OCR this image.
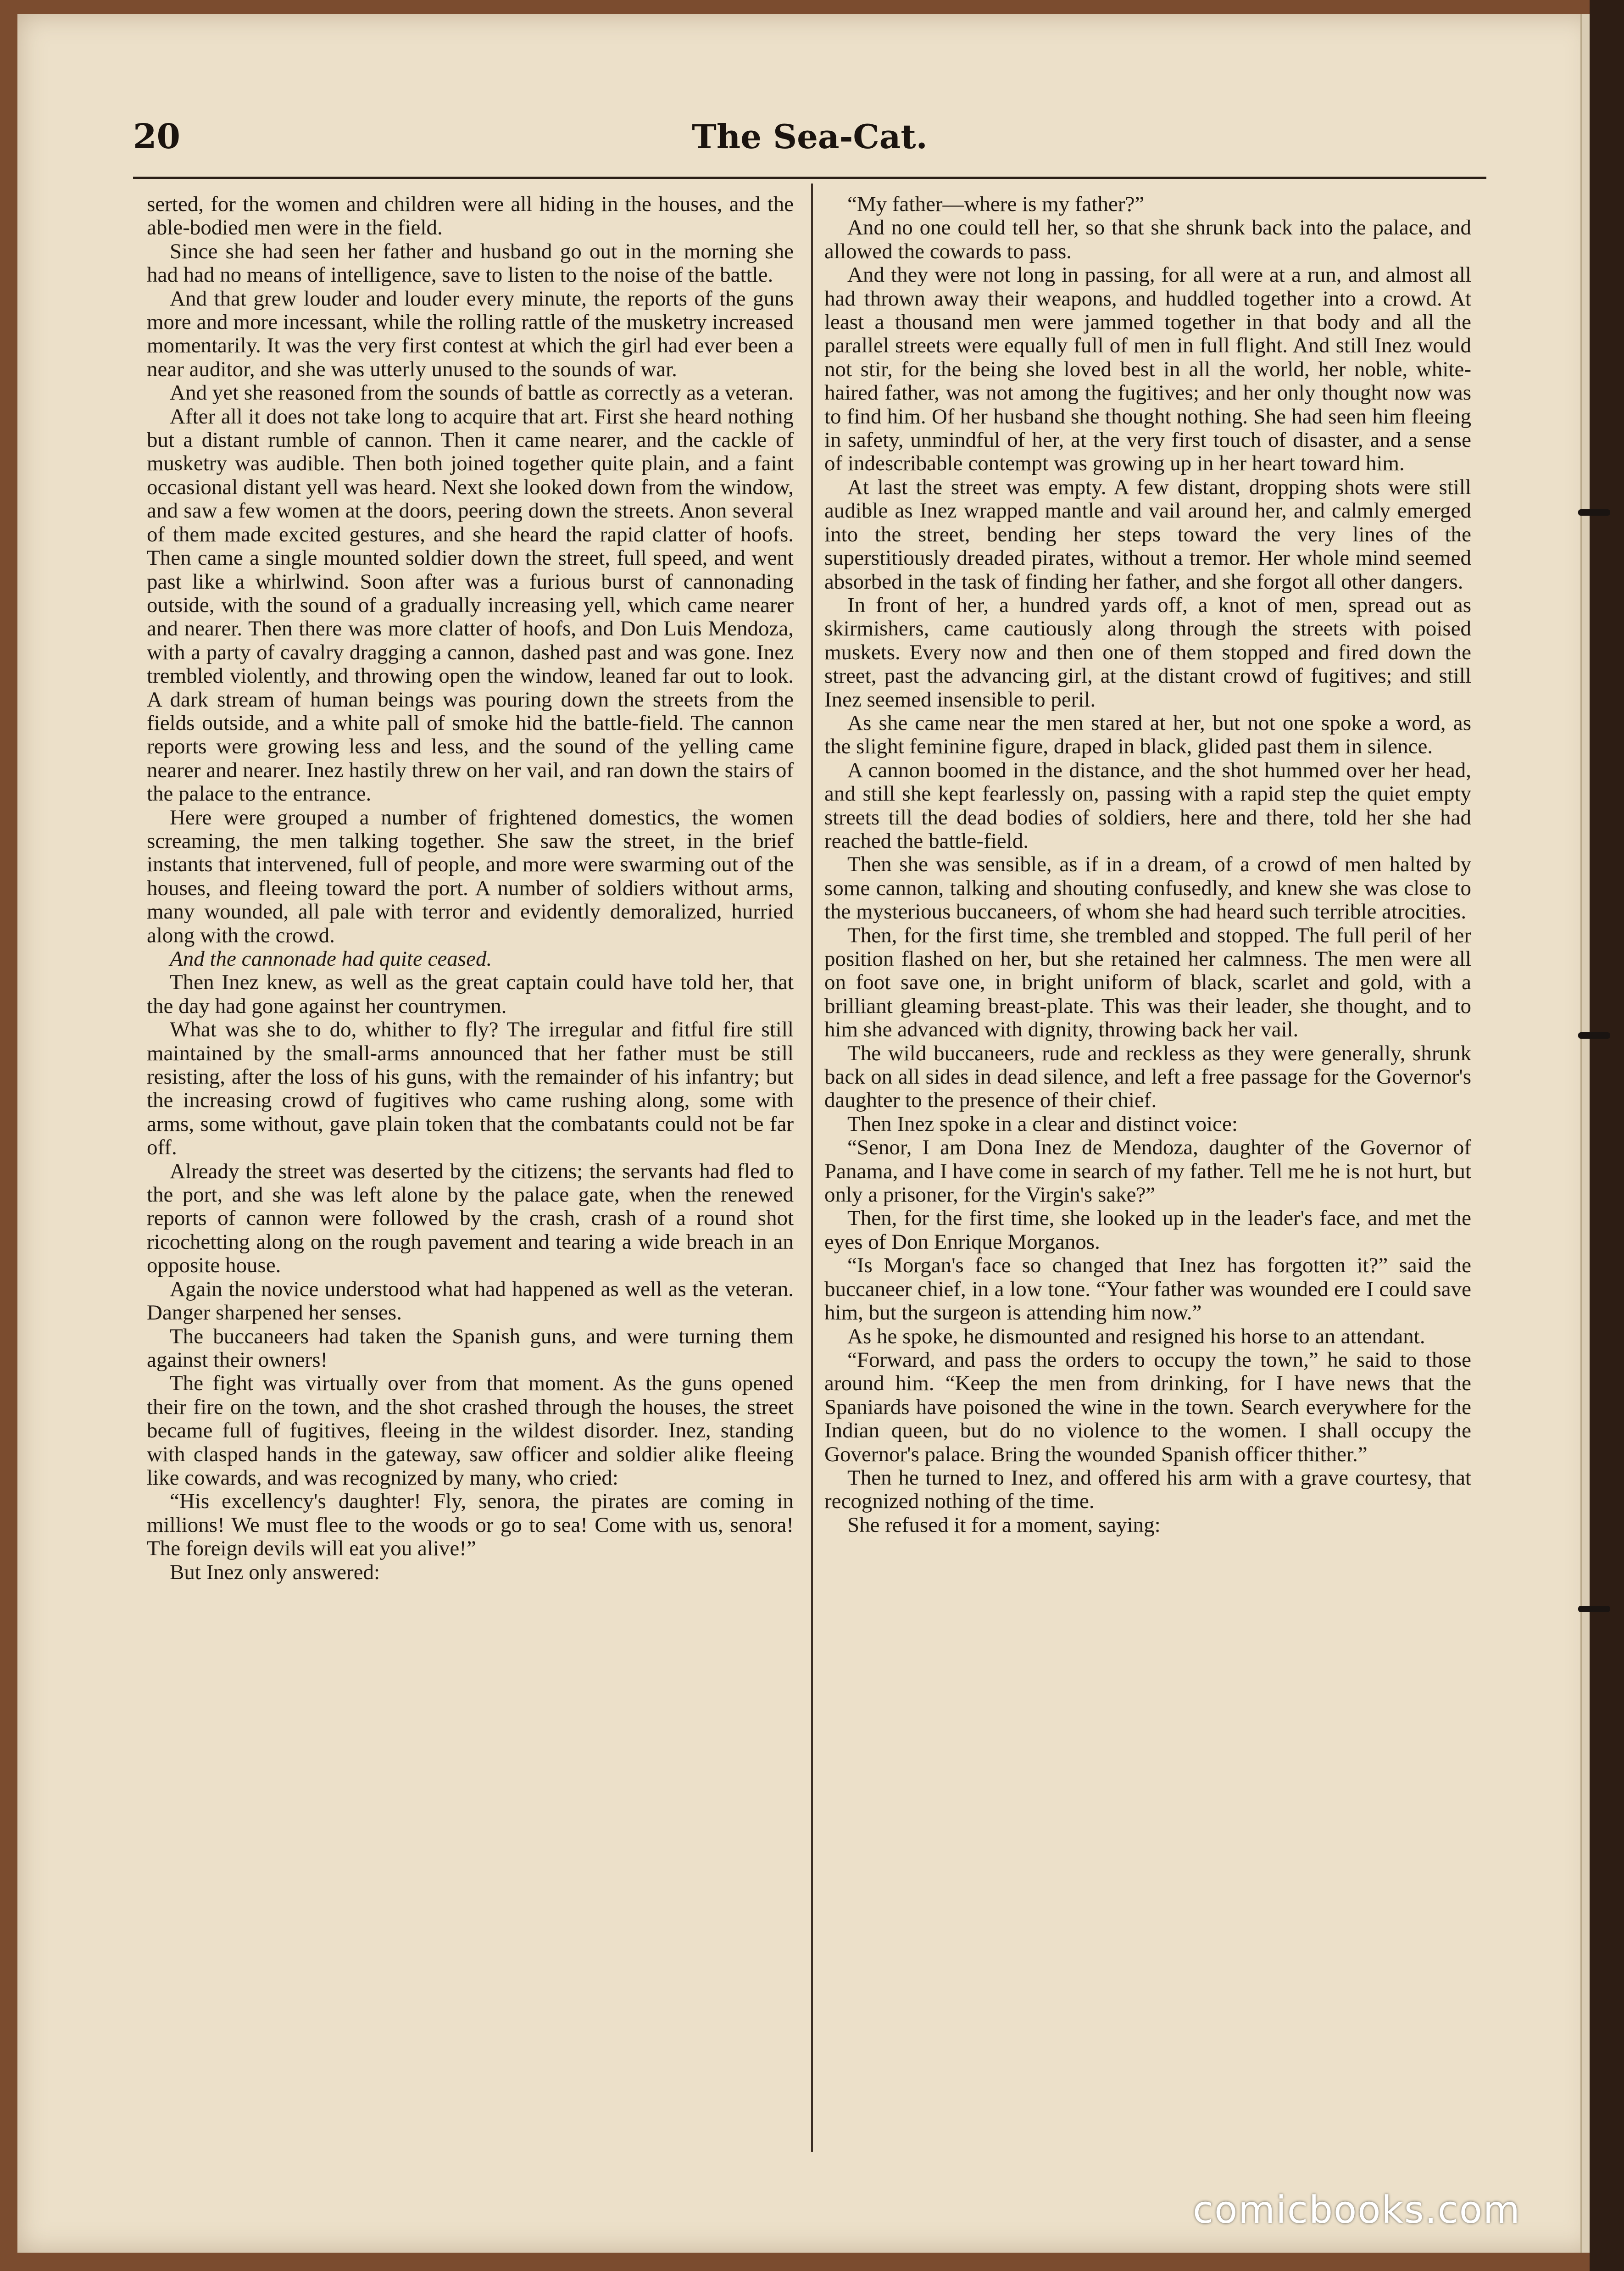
The Sea-Cat.
20

serted, for the women and children were all hiding in the houses, and the able-bodied men were in the field.

Since she had seen her father and husband go out in the morning she had had no means of intelligence, save to listen to the noise of the battle.

And that grew louder and louder every minute, the reports of the guns more and more incessant, while the rolling rattle of the musketry increased momentarily. It was the very first contest at which the girl had ever been a near auditor, and she was utterly unused to the sounds of war.

And yet she reasoned from the sounds of battle as correctly as a veteran.

After all it does not take long to acquire that art. First she heard nothing but a distant rumble of cannon. Then it came nearer, and the cackle of musketry was audible. Then both joined together quite plain, and a faint occasional distant yell was heard. Next she looked down from the window, and saw a few women at the doors, peering down the streets. Anon several of them made excited gestures, and she heard the rapid clatter of hoofs. Then came a single mounted soldier down the street, full speed, and went past like a whirlwind. Soon after was a furious burst of cannonading outside, with the sound of a gradually increasing yell, which came nearer and nearer. Then there was more clatter of hoofs, and Don Luis Mendoza, with a party of cavalry dragging a cannon, dashed past and was gone. Inez trembled violently, and throwing open the window, leaned far out to look. A dark stream of human beings was pouring down the streets from the fields outside, and a white pall of smoke hid the battle-field. The cannon reports were growing less and less, and the sound of the yelling came nearer and nearer. Inez hastily threw on her vail, and ran down the stairs of the palace to the entrance.

Here were grouped a number of frightened domestics, the women screaming, the men talking together. She saw the street, in the brief instants that intervened, full of people, and more were swarming out of the houses, and fleeing toward the port. A number of soldiers without arms, many wounded, all pale with terror and evidently demoralized, hurried along with the crowd.

And the cannonade had quite ceased.

Then Inez knew, as well as the great captain could have told her, that the day had gone against her countrymen.

What was she to do, whither to fly? The irregular and fitful fire still maintained by the small-arms announced that her father must be still resisting, after the loss of his guns, with the remainder of his infantry; but the increasing crowd of fugitives who came rushing along, some with arms, some without, gave plain token that the combatants could not be far off.

Already the street was deserted by the citizens; the servants had fled to the port, and she was left alone by the palace gate, when the renewed reports of cannon were followed by the crash, crash of a round shot ricochetting along on the rough pavement and tearing a wide breach in an opposite house.

Again the novice understood what had happened as well as the veteran. Danger sharpened her senses.

The buccaneers had taken the Spanish guns, and were turning them against their owners!

The fight was virtually over from that moment. As the guns opened their fire on the town, and the shot crashed through the houses, the street became full of fugitives, fleeing in the wildest disorder. Inez, standing with clasped hands in the gateway, saw officer and soldier alike fleeing like cowards, and was recognized by many, who cried:

“His excellency's daughter! Fly, senora, the pirates are coming in millions! We must flee to the woods or go to sea! Come with us, senora! The foreign devils will eat you alive!”

But Inez only answered:

“My father—where is my father?”

And no one could tell her, so that she shrunk back into the palace, and allowed the cowards to pass.

And they were not long in passing, for all were at a run, and almost all had thrown away their weapons, and huddled together into a crowd. At least a thousand men were jammed together in that body and all the parallel streets were equally full of men in full flight. And still Inez would not stir, for the being she loved best in all the world, her noble, white-haired father, was not among the fugitives; and her only thought now was to find him. Of her husband she thought nothing. She had seen him fleeing in safety, unmindful of her, at the very first touch of disaster, and a sense of indescribable contempt was growing up in her heart toward him.

At last the street was empty. A few distant, dropping shots were still audible as Inez wrapped mantle and vail around her, and calmly emerged into the street, bending her steps toward the very lines of the superstitiously dreaded pirates, without a tremor. Her whole mind seemed absorbed in the task of finding her father, and she forgot all other dangers.

In front of her, a hundred yards off, a knot of men, spread out as skirmishers, came cautiously along through the streets with poised muskets. Every now and then one of them stopped and fired down the street, past the advancing girl, at the distant crowd of fugitives; and still Inez seemed insensible to peril.

As she came near the men stared at her, but not one spoke a word, as the slight feminine figure, draped in black, glided past them in silence.

A cannon boomed in the distance, and the shot hummed over her head, and still she kept fearlessly on, passing with a rapid step the quiet empty streets till the dead bodies of soldiers, here and there, told her she had reached the battle-field.

Then she was sensible, as if in a dream, of a crowd of men halted by some cannon, talking and shouting confusedly, and knew she was close to the mysterious buccaneers, of whom she had heard such terrible atrocities.

Then, for the first time, she trembled and stopped. The full peril of her position flashed on her, but she retained her calmness. The men were all on foot save one, in bright uniform of black, scarlet and gold, with a brilliant gleaming breast-plate. This was their leader, she thought, and to him she advanced with dignity, throwing back her vail.

The wild buccaneers, rude and reckless as they were generally, shrunk back on all sides in dead silence, and left a free passage for the Governor's daughter to the presence of their chief.

Then Inez spoke in a clear and distinct voice:

“Senor, I am Dona Inez de Mendoza, daughter of the Governor of Panama, and I have come in search of my father. Tell me he is not hurt, but only a prisoner, for the Virgin's sake?”

Then, for the first time, she looked up in the leader's face, and met the eyes of Don Enrique Morganos.

“Is Morgan's face so changed that Inez has forgotten it?” said the buccaneer chief, in a low tone. “Your father was wounded ere I could save him, but the surgeon is attending him now.”

As he spoke, he dismounted and resigned his horse to an attendant.

“Forward, and pass the orders to occupy the town,” he said to those around him. “Keep the men from drinking, for I have news that the Spaniards have poisoned the wine in the town. Search everywhere for the Indian queen, but do no violence to the women. I shall occupy the Governor's palace. Bring the wounded Spanish officer thither.”

Then he turned to Inez, and offered his arm with a grave courtesy, that recognized nothing of the time.

She refused it for a moment, saying:

comicbooks.com
